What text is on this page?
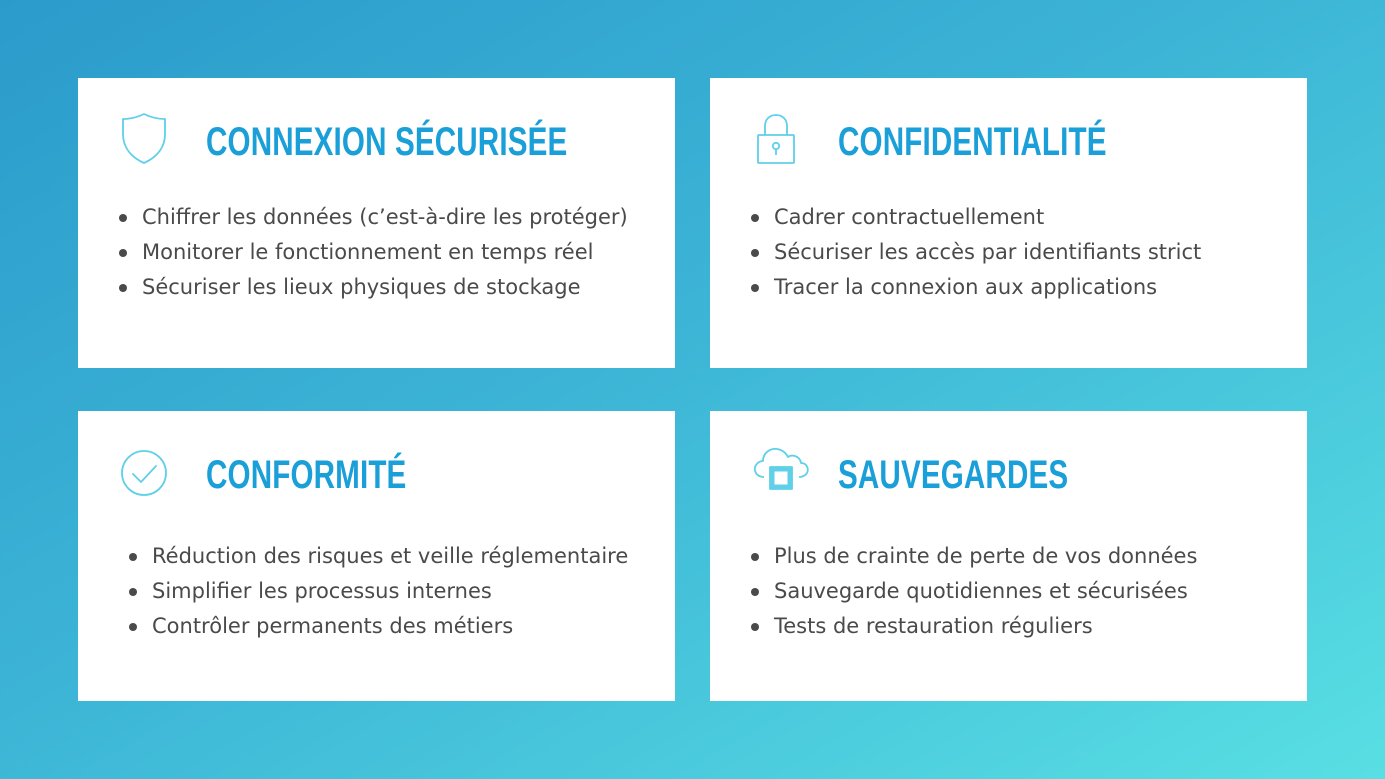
CONNEXION SÉCURISÉE
Chiffrer les données (c’est-à-dire les protéger)
Monitorer le fonctionnement en temps réel
Sécuriser les lieux physiques de stockage
CONFIDENTIALITÉ
Cadrer contractuellement
Sécuriser les accès par identifiants strict
Tracer la connexion aux applications
CONFORMITÉ
Réduction des risques et veille réglementaire
Simplifier les processus internes
Contrôler permanents des métiers
SAUVEGARDES
Plus de crainte de perte de vos données
Sauvegarde quotidiennes et sécurisées
Tests de restauration réguliers
